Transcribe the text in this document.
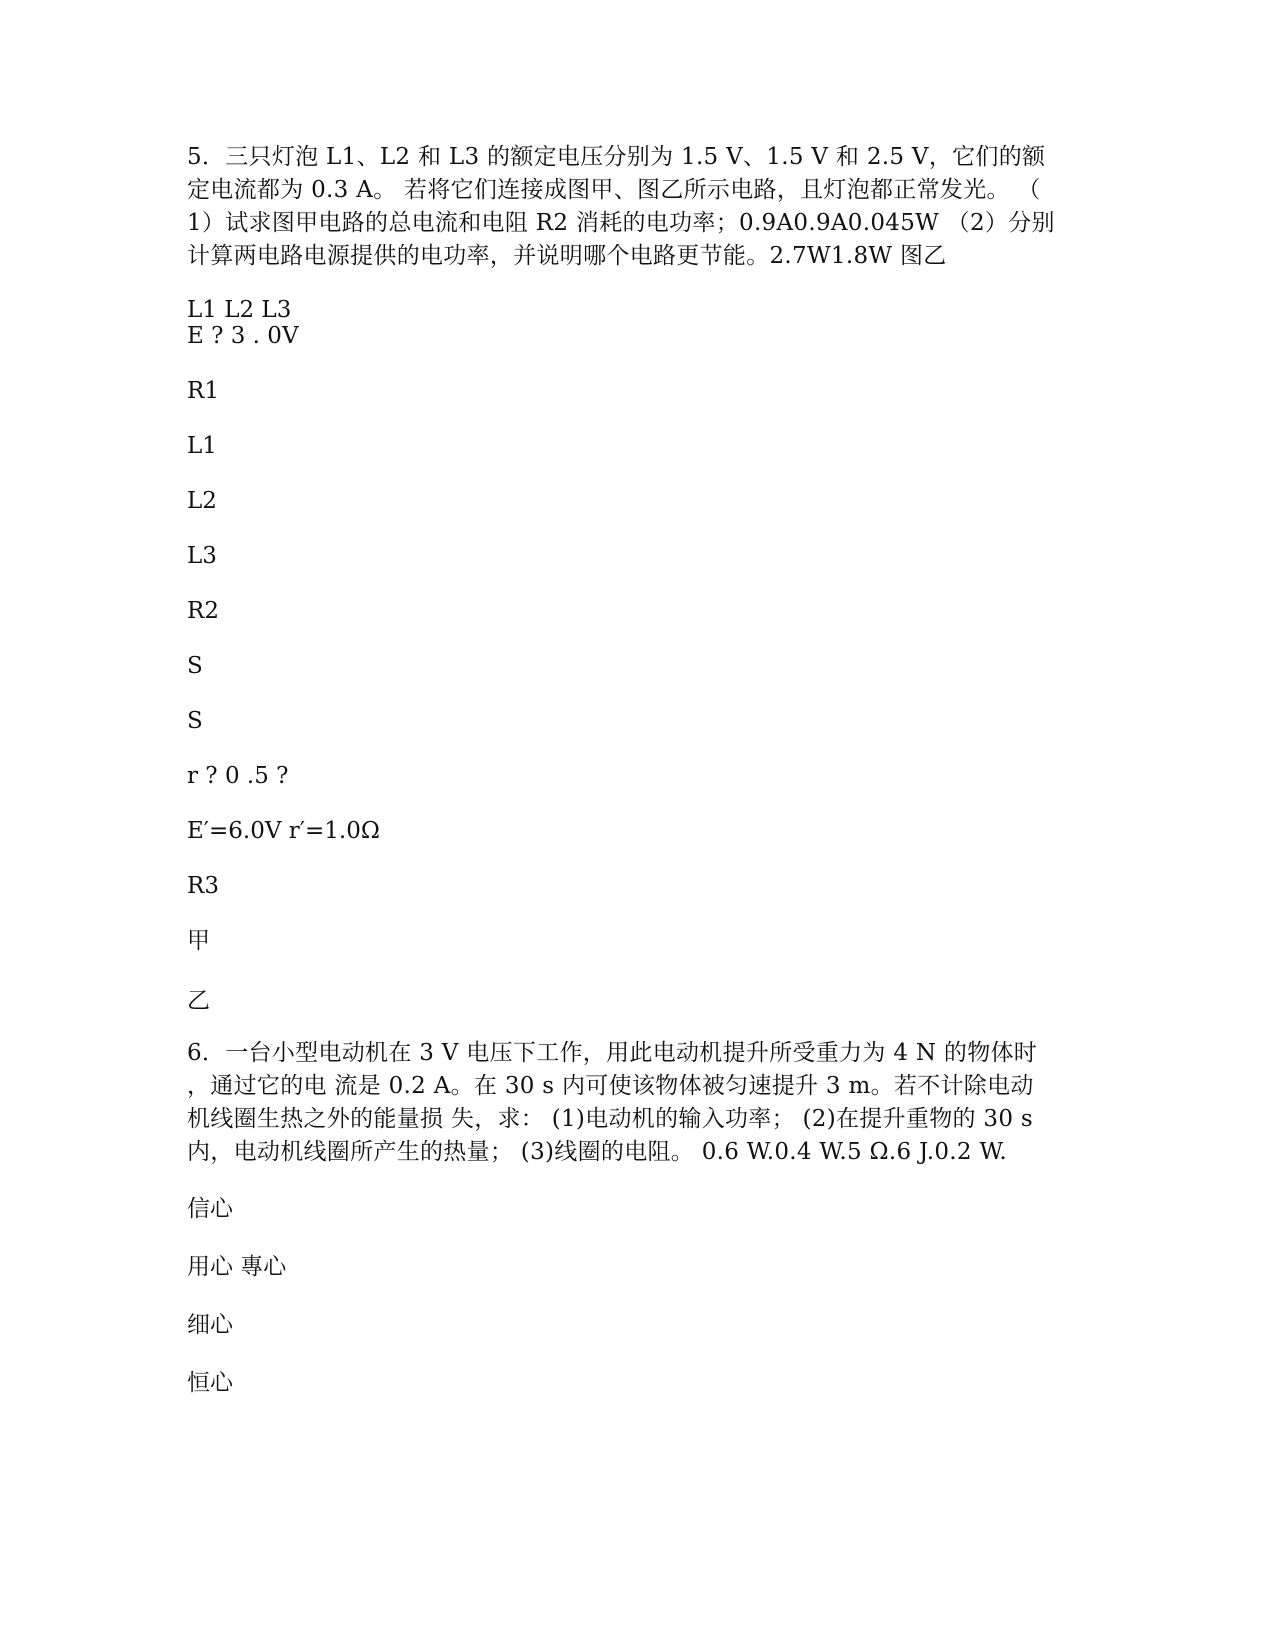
5．三只灯泡 L1、L2 和 L3 的额定电压分别为 1.5 V、1.5 V 和 2.5 V，它们的额
定电流都为 0.3 A。 若将它们连接成图甲、图乙所示电路，且灯泡都正常发光。 （
1）试求图甲电路的总电流和电阻 R2 消耗的电功率；0.9A0.9A0.045W （2）分别
计算两电路电源提供的电功率，并说明哪个电路更节能。2.7W1.8W 图乙

L1 L2 L3
E ? 3 . 0V
R1
L1
L2
L3
R2
S
S
r ? 0 .5 ?
E′=6.0V r′=1.0Ω
R3
甲
乙

6．一台小型电动机在 3 V 电压下工作，用此电动机提升所受重力为 4 N 的物体时
，通过它的电 流是 0.2 A。在 30 s 内可使该物体被匀速提升 3 m。若不计除电动
机线圈生热之外的能量损 失，求： (1)电动机的输入功率； (2)在提升重物的 30 s
内，电动机线圈所产生的热量； (3)线圈的电阻。 0.6 W.0.4 W.5 Ω.6 J.0.2 W.

信心
用心 專心
细心
恒心
